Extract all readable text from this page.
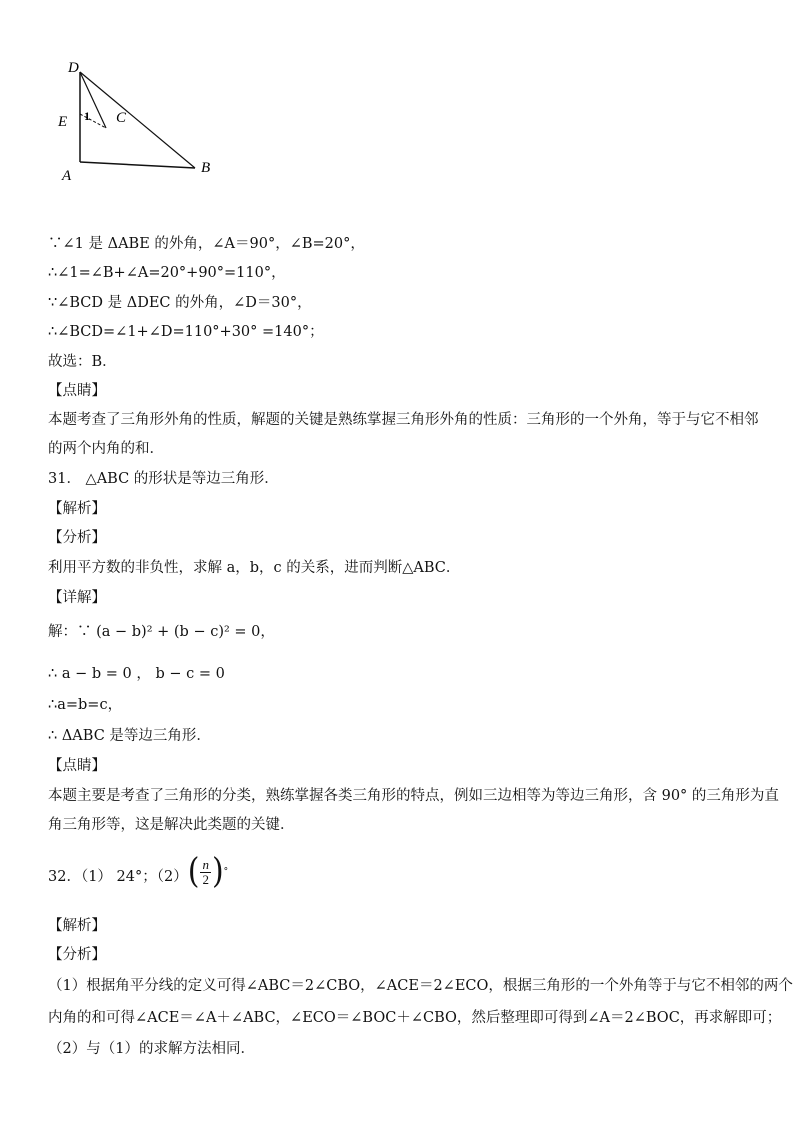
D
E 1 C
A	B
∵∠1 是 ΔABE 的外角，∠A＝90°，∠B=20°，
∴∠1=∠B+∠A=20°+90°=110°，
∵∠BCD 是 ΔDEC 的外角，∠D＝30°，
∴∠BCD=∠1+∠D=110°+30° =140°；
故选：B．
【点睛】
本题考查了三角形外角的性质，解题的关键是熟练掌握三角形外角的性质：三角形的一个外角，等于与它不相邻
的两个内角的和．
31． △ABC 的形状是等边三角形．
【解析】
【分析】
利用平方数的非负性，求解 a，b，c 的关系，进而判断△ABC．
【详解】
解：∵ (a − b)² + (b − c)² = 0，
∴ a − b = 0 ， b − c = 0
∴a=b=c，
∴ ΔABC 是等边三角形．
【点睛】
本题主要是考查了三角形的分类，熟练掌握各类三角形的特点，例如三边相等为等边三角形，含 90° 的三角形为直
角三角形等，这是解决此类题的关键．
32．（1） 24°；（2） ( $\frac{n}{2}$ ) °
【解析】
【分析】
（1）根据角平分线的定义可得∠ABC＝2∠CBO，∠ACE＝2∠ECO，根据三角形的一个外角等于与它不相邻的两个
内角的和可得∠ACE＝∠A＋∠ABC，∠ECO＝∠BOC＋∠CBO，然后整理即可得到∠A＝2∠BOC，再求解即可；
（2）与（1）的求解方法相同．
